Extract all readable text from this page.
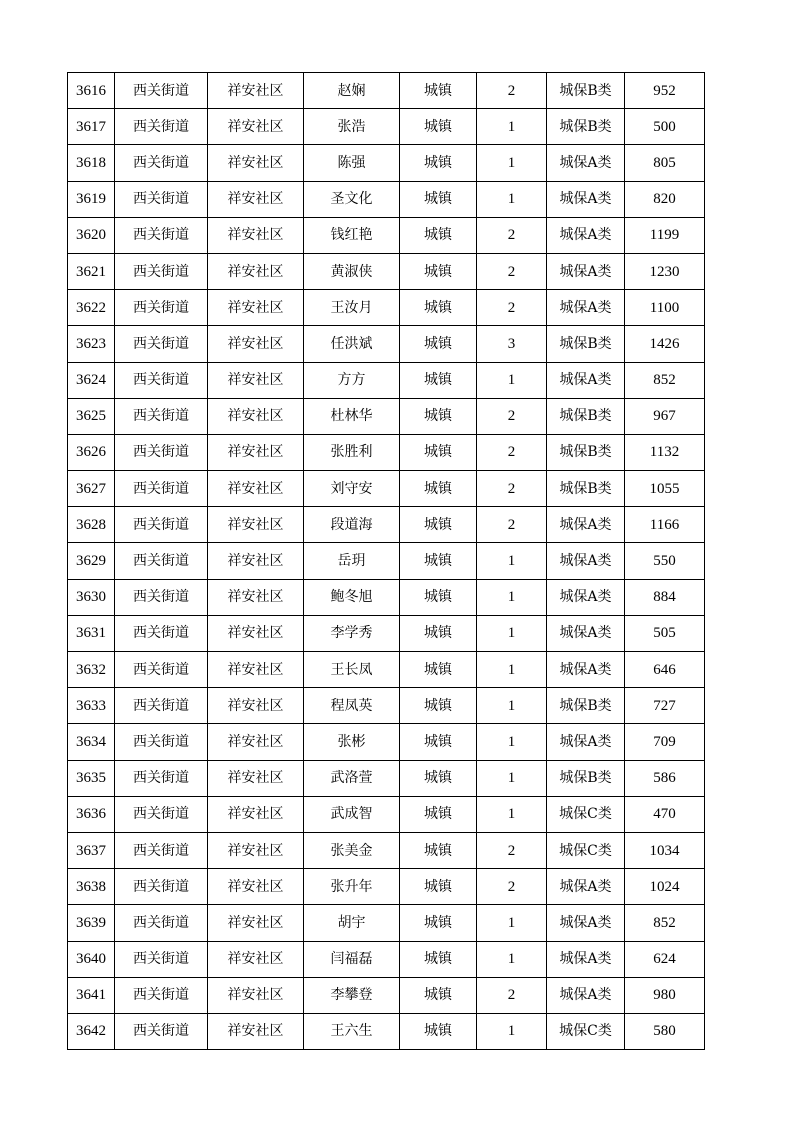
3616	西关街道	祥安社区	赵娴	城镇	2	城保B类	952
3617	西关街道	祥安社区	张浩	城镇	1	城保B类	500
3618	西关街道	祥安社区	陈强	城镇	1	城保A类	805
3619	西关街道	祥安社区	圣文化	城镇	1	城保A类	820
3620	西关街道	祥安社区	钱红艳	城镇	2	城保A类	1199
3621	西关街道	祥安社区	黄淑侠	城镇	2	城保A类	1230
3622	西关街道	祥安社区	王汝月	城镇	2	城保A类	1100
3623	西关街道	祥安社区	任洪斌	城镇	3	城保B类	1426
3624	西关街道	祥安社区	方方	城镇	1	城保A类	852
3625	西关街道	祥安社区	杜林华	城镇	2	城保B类	967
3626	西关街道	祥安社区	张胜利	城镇	2	城保B类	1132
3627	西关街道	祥安社区	刘守安	城镇	2	城保B类	1055
3628	西关街道	祥安社区	段道海	城镇	2	城保A类	1166
3629	西关街道	祥安社区	岳玥	城镇	1	城保A类	550
3630	西关街道	祥安社区	鲍冬旭	城镇	1	城保A类	884
3631	西关街道	祥安社区	李学秀	城镇	1	城保A类	505
3632	西关街道	祥安社区	王长凤	城镇	1	城保A类	646
3633	西关街道	祥安社区	程凤英	城镇	1	城保B类	727
3634	西关街道	祥安社区	张彬	城镇	1	城保A类	709
3635	西关街道	祥安社区	武洛萱	城镇	1	城保B类	586
3636	西关街道	祥安社区	武成智	城镇	1	城保C类	470
3637	西关街道	祥安社区	张美金	城镇	2	城保C类	1034
3638	西关街道	祥安社区	张升年	城镇	2	城保A类	1024
3639	西关街道	祥安社区	胡宇	城镇	1	城保A类	852
3640	西关街道	祥安社区	闫福磊	城镇	1	城保A类	624
3641	西关街道	祥安社区	李攀登	城镇	2	城保A类	980
3642	西关街道	祥安社区	王六生	城镇	1	城保C类	580
